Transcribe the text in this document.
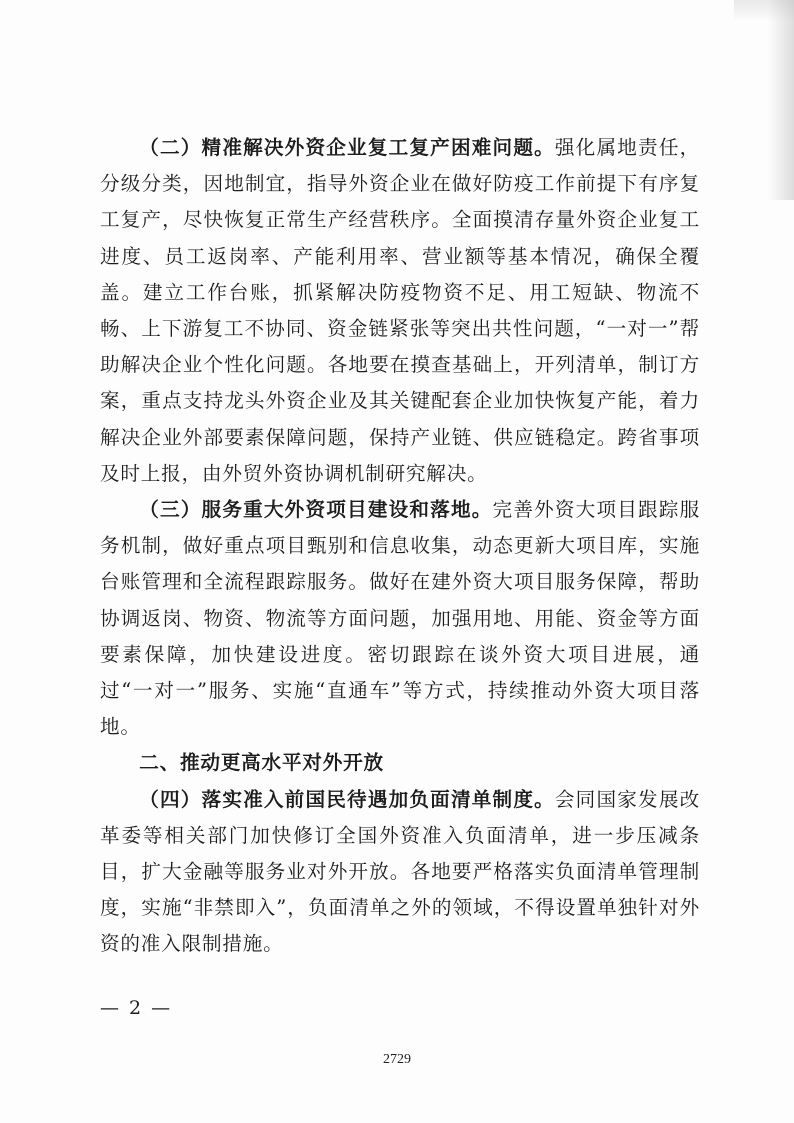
（二）精准解决外资企业复工复产困难问题。强化属地责任，分级分类，因地制宜，指导外资企业在做好防疫工作前提下有序复工复产，尽快恢复正常生产经营秩序。全面摸清存量外资企业复工进度、员工返岗率、产能利用率、营业额等基本情况，确保全覆盖。建立工作台账，抓紧解决防疫物资不足、用工短缺、物流不畅、上下游复工不协同、资金链紧张等突出共性问题，“一对一”帮助解决企业个性化问题。各地要在摸查基础上，开列清单，制订方案，重点支持龙头外资企业及其关键配套企业加快恢复产能，着力解决企业外部要素保障问题，保持产业链、供应链稳定。跨省事项及时上报，由外贸外资协调机制研究解决。

（三）服务重大外资项目建设和落地。完善外资大项目跟踪服务机制，做好重点项目甄别和信息收集，动态更新大项目库，实施台账管理和全流程跟踪服务。做好在建外资大项目服务保障，帮助协调返岗、物资、物流等方面问题，加强用地、用能、资金等方面要素保障，加快建设进度。密切跟踪在谈外资大项目进展，通过“一对一”服务、实施“直通车”等方式，持续推动外资大项目落地。

二、推动更高水平对外开放

（四）落实准入前国民待遇加负面清单制度。会同国家发展改革委等相关部门加快修订全国外资准入负面清单，进一步压减条目，扩大金融等服务业对外开放。各地要严格落实负面清单管理制度，实施“非禁即入”，负面清单之外的领域，不得设置单独针对外资的准入限制措施。

— 2 —
2729
